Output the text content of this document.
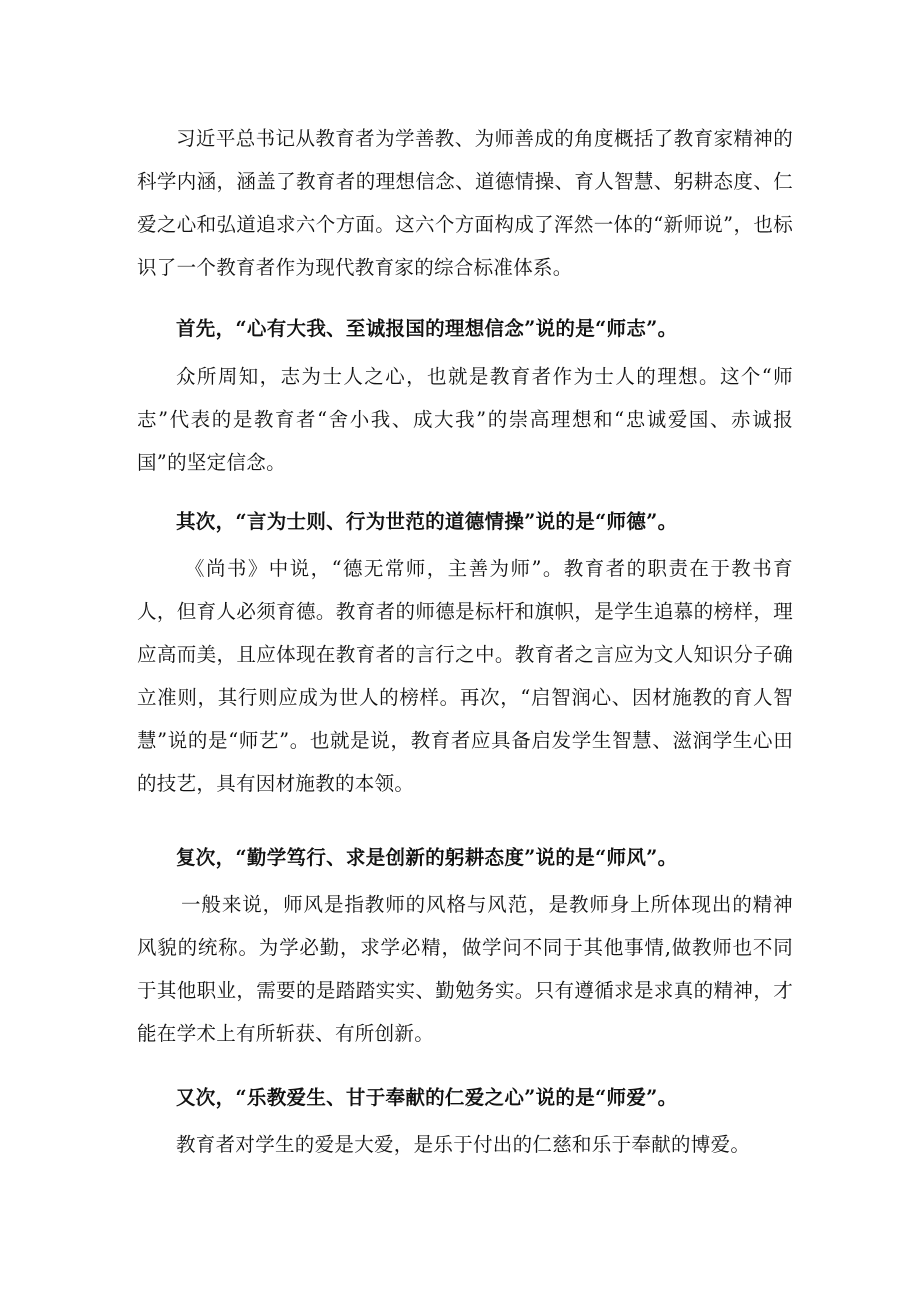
习近平总书记从教育者为学善教、为师善成的角度概括了教育家精神的科学内涵，涵盖了教育者的理想信念、道德情操、育人智慧、躬耕态度、仁爱之心和弘道追求六个方面。这六个方面构成了浑然一体的“新师说”，也标识了一个教育者作为现代教育家的综合标准体系。

首先，“心有大我、至诚报国的理想信念”说的是“师志”。

众所周知，志为士人之心，也就是教育者作为士人的理想。这个“师志”代表的是教育者“舍小我、成大我”的崇高理想和“忠诚爱国、赤诚报国”的坚定信念。

其次，“言为士则、行为世范的道德情操”说的是“师德”。

《尚书》中说，“德无常师，主善为师”。教育者的职责在于教书育人，但育人必须育德。教育者的师德是标杆和旗帜，是学生追慕的榜样，理应高而美，且应体现在教育者的言行之中。教育者之言应为文人知识分子确立准则，其行则应成为世人的榜样。再次，“启智润心、因材施教的育人智慧”说的是“师艺”。也就是说，教育者应具备启发学生智慧、滋润学生心田的技艺，具有因材施教的本领。

复次，“勤学笃行、求是创新的躬耕态度”说的是“师风”。

一般来说，师风是指教师的风格与风范，是教师身上所体现出的精神风貌的统称。为学必勤，求学必精，做学问不同于其他事情,做教师也不同于其他职业，需要的是踏踏实实、勤勉务实。只有遵循求是求真的精神，才能在学术上有所斩获、有所创新。

又次，“乐教爱生、甘于奉献的仁爱之心”说的是“师爱”。

教育者对学生的爱是大爱，是乐于付出的仁慈和乐于奉献的博爱。
